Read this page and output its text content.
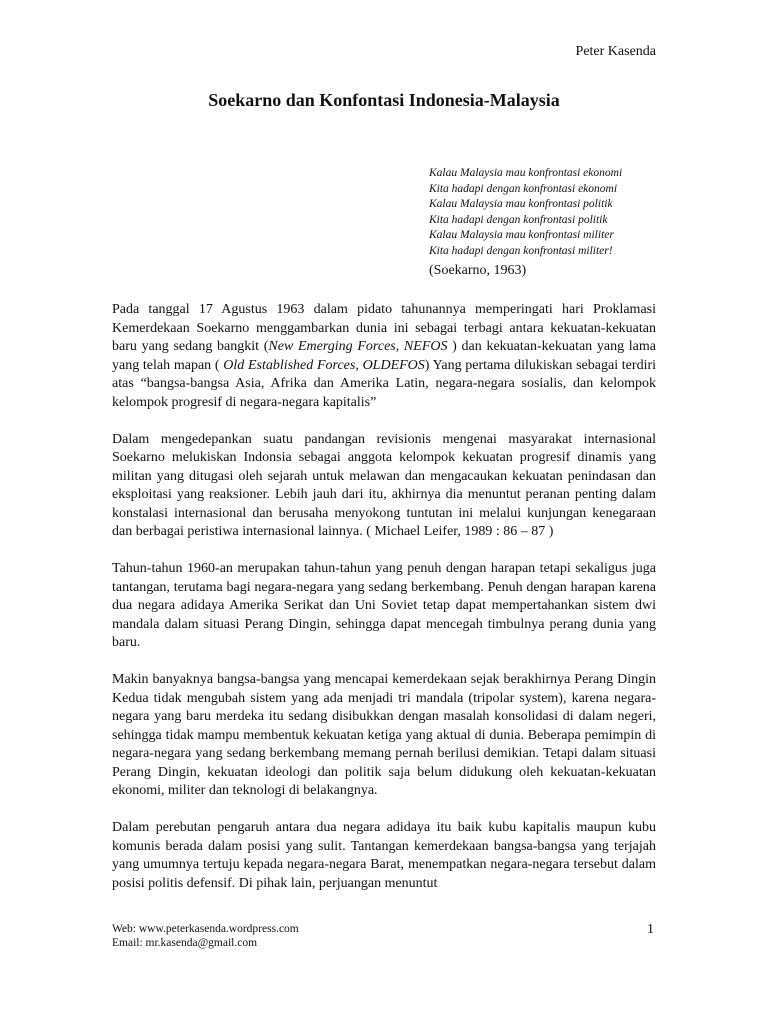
Peter Kasenda
Soekarno dan Konfontasi Indonesia-Malaysia
Kalau Malaysia mau konfrontasi ekonomi
Kita hadapi dengan konfrontasi ekonomi
Kalau Malaysia mau konfrontasi politik
Kita hadapi dengan konfrontasi politik
Kalau Malaysia mau konfrontasi militer
Kita hadapi dengan konfrontasi militer!
(Soekarno, 1963)

Pada tanggal 17 Agustus 1963 dalam pidato tahunannya memperingati hari Proklamasi Kemerdekaan Soekarno menggambarkan dunia ini sebagai terbagi antara kekuatan-kekuatan baru yang sedang bangkit (New Emerging Forces, NEFOS ) dan kekuatan-kekuatan yang lama yang telah mapan ( Old Established Forces, OLDEFOS) Yang pertama dilukiskan sebagai terdiri atas “bangsa-bangsa Asia, Afrika dan Amerika Latin, negara-negara sosialis, dan kelompok kelompok progresif di negara-negara kapitalis”

Dalam mengedepankan suatu pandangan revisionis mengenai masyarakat internasional Soekarno melukiskan Indonsia sebagai anggota kelompok kekuatan progresif dinamis yang militan yang ditugasi oleh sejarah untuk melawan dan mengacaukan kekuatan penindasan dan eksploitasi yang reaksioner. Lebih jauh dari itu, akhirnya dia menuntut peranan penting dalam konstalasi internasional dan berusaha menyokong tuntutan ini melalui kunjungan kenegaraan dan berbagai peristiwa internasional lainnya. ( Michael Leifer, 1989 : 86 – 87 )

Tahun-tahun 1960-an merupakan tahun-tahun yang penuh dengan harapan tetapi sekaligus juga tantangan, terutama bagi negara-negara yang sedang berkembang. Penuh dengan harapan karena dua negara adidaya Amerika Serikat dan Uni Soviet tetap dapat mempertahankan sistem dwi mandala dalam situasi Perang Dingin, sehingga dapat mencegah timbulnya perang dunia yang baru.

Makin banyaknya bangsa-bangsa yang mencapai kemerdekaan sejak berakhirnya Perang Dingin Kedua tidak mengubah sistem yang ada menjadi tri mandala (tripolar system), karena negara-negara yang baru merdeka itu sedang disibukkan dengan masalah konsolidasi di dalam negeri, sehingga tidak mampu membentuk kekuatan ketiga yang aktual di dunia. Beberapa pemimpin di negara-negara yang sedang berkembang memang pernah berilusi demikian. Tetapi dalam situasi Perang Dingin, kekuatan ideologi dan politik saja belum didukung oleh kekuatan-kekuatan ekonomi, militer dan teknologi di belakangnya.

Dalam perebutan pengaruh antara dua negara adidaya itu baik kubu kapitalis maupun kubu komunis berada dalam posisi yang sulit. Tantangan kemerdekaan bangsa-bangsa yang terjajah yang umumnya tertuju kepada negara-negara Barat, menempatkan negara-negara tersebut dalam posisi politis defensif. Di pihak lain, perjuangan menuntut

Web: www.peterkasenda.wordpress.com
Email: mr.kasenda@gmail.com
1
